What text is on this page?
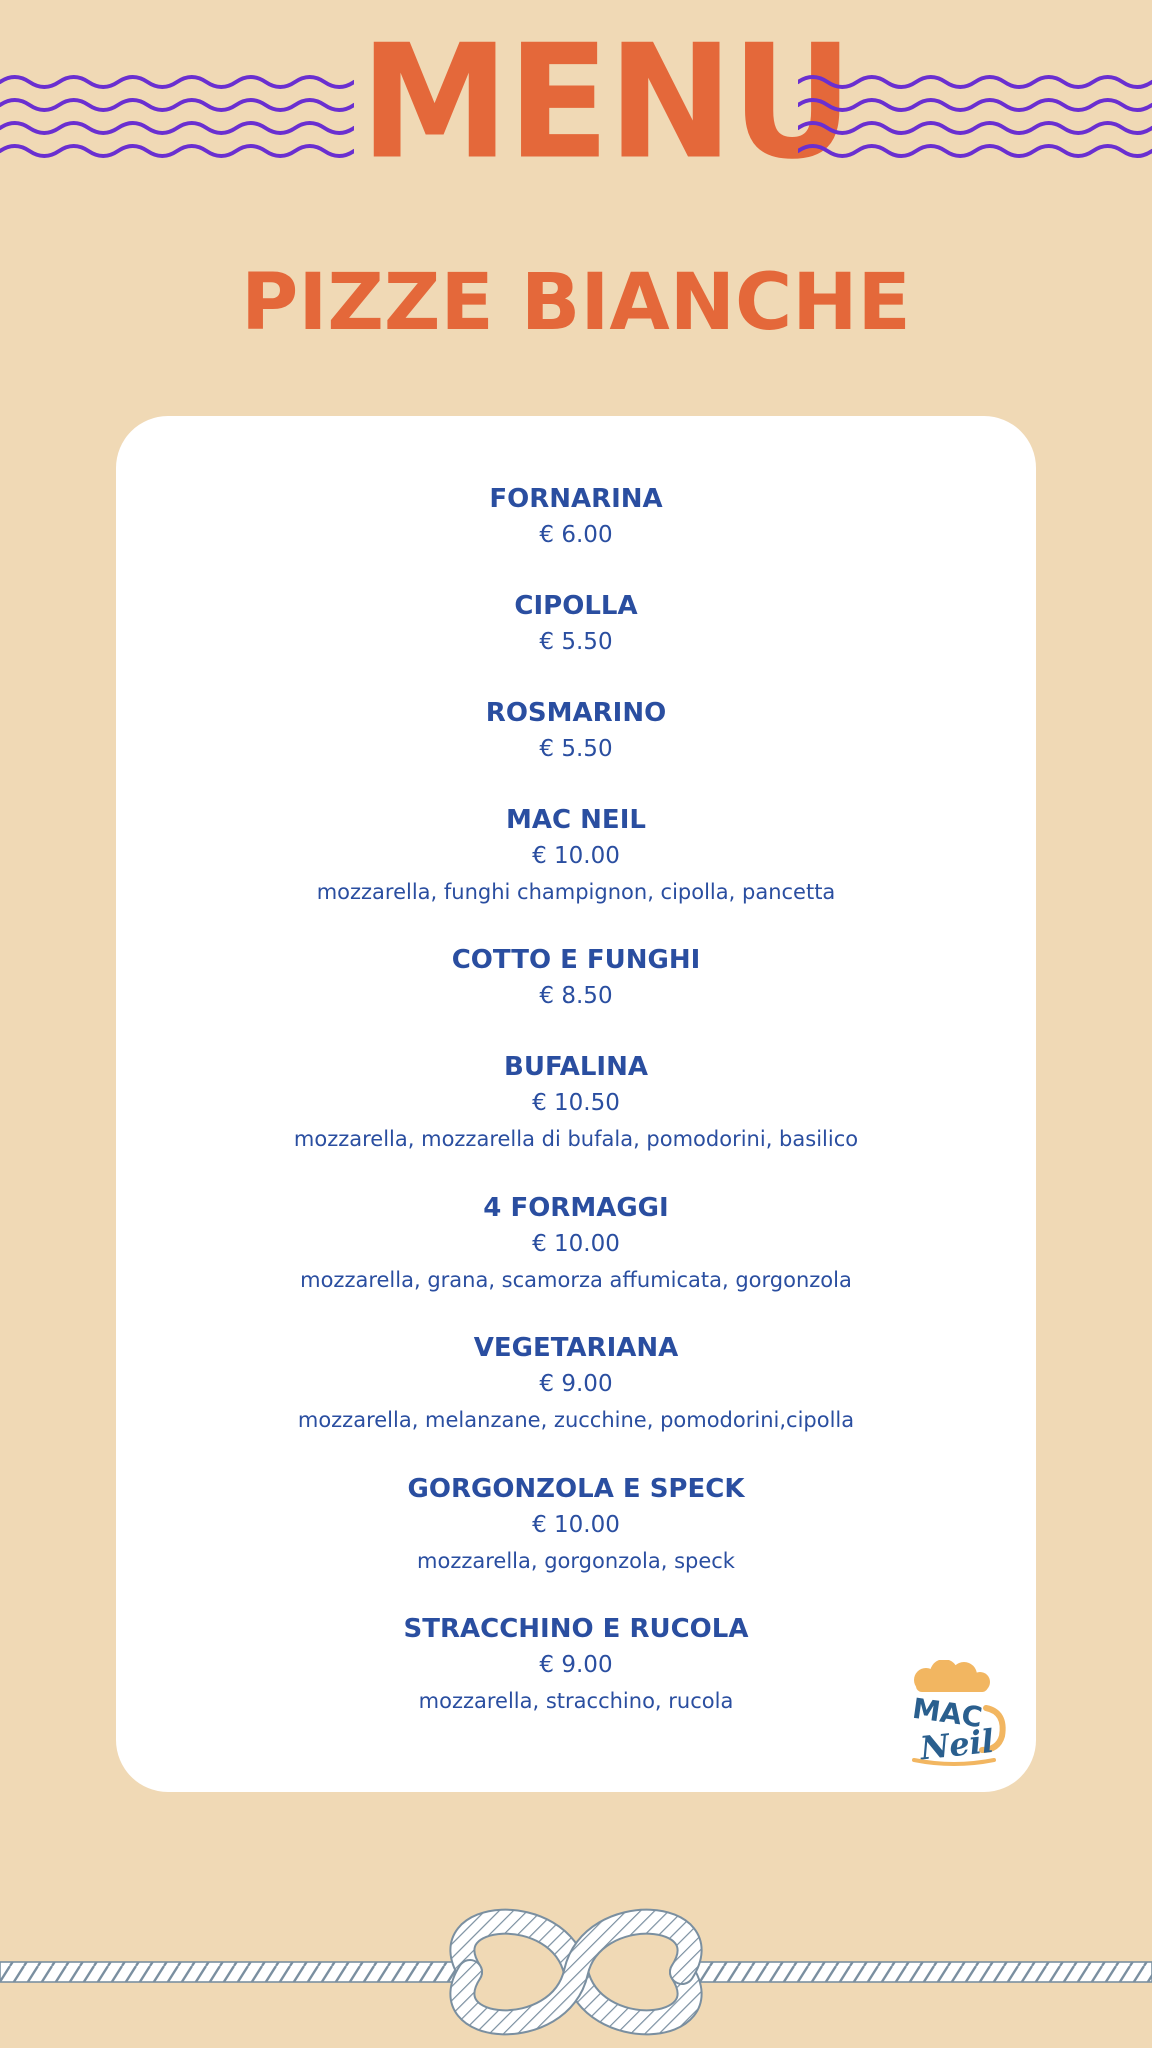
MENU
PIZZE BIANCHE
FORNARINA
€ 6.00
CIPOLLA
€ 5.50
ROSMARINO
€ 5.50
MAC NEIL
€ 10.00
mozzarella, funghi champignon, cipolla, pancetta
COTTO E FUNGHI
€ 8.50
BUFALINA
€ 10.50
mozzarella, mozzarella di bufala, pomodorini, basilico
4 FORMAGGI
€ 10.00
mozzarella, grana, scamorza affumicata, gorgonzola
VEGETARIANA
€ 9.00
mozzarella, melanzane, zucchine, pomodorini,cipolla
GORGONZOLA E SPECK
€ 10.00
mozzarella, gorgonzola, speck
STRACCHINO E RUCOLA
€ 9.00
mozzarella, stracchino, rucola	MAC
Neil
